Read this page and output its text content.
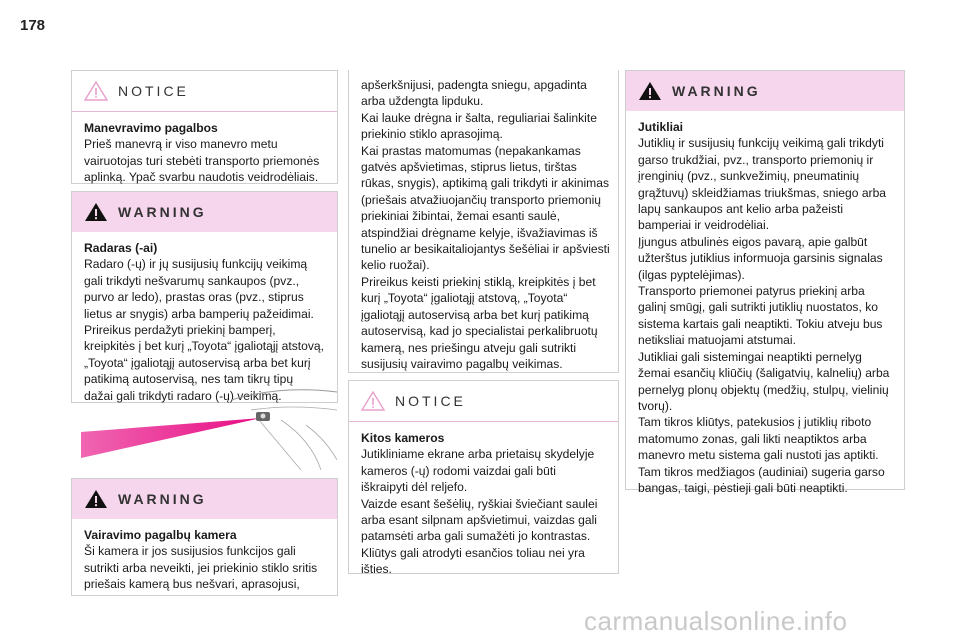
178
NOTICE

Manevravimo pagalbos

Prieš manevrą ir viso manevro metu vairuotojas turi stebėti transporto priemonės aplinką. Ypač svarbu naudotis veidrodėliais.

WARNING

Radaras (-ai)

Radaro (-ų) ir jų susijusių funkcijų veikimą gali trikdyti nešvarumų sankaupos (pvz., purvo ar ledo), prastas oras (pvz., stiprus lietus ar snygis) arba bamperių pažeidimai.

Prireikus perdažyti priekinį bamperį, kreipkitės į bet kurį „Toyota“ įgaliotąjį atstovą, „Toyota“ įgaliotąjį autoservisą arba bet kurį patikimą autoservisą, nes tam tikrų tipų dažai gali trikdyti radaro (-ų) veikimą.

WARNING

Vairavimo pagalbų kamera

Ši kamera ir jos susijusios funkcijos gali sutrikti arba neveikti, jei priekinio stiklo sritis priešais kamerą bus nešvari, aprasojusi,

apšerkšnijusi, padengta sniegu, apgadinta arba uždengta lipduku.

Kai lauke drėgna ir šalta, reguliariai šalinkite priekinio stiklo aprasojimą.

Kai prastas matomumas (nepakankamas gatvės apšvietimas, stiprus lietus, tirštas rūkas, snygis), aptikimą gali trikdyti ir akinimas (priešais atvažiuojančių transporto priemonių priekiniai žibintai, žemai esanti saulė, atspindžiai drėgname kelyje, išvažiavimas iš tunelio ar besikaitaliojantys šešėliai ir apšviesti kelio ruožai).

Prireikus keisti priekinį stiklą, kreipkitės į bet kurį „Toyota“ įgaliotąjį atstovą, „Toyota“ įgaliotąjį autoservisą arba bet kurį patikimą autoservisą, kad jo specialistai perkalibruotų kamerą, nes priešingu atveju gali sutrikti susijusių vairavimo pagalbų veikimas.

NOTICE

Kitos kameros

Jutikliniame ekrane arba prietaisų skydelyje kameros (-ų) rodomi vaizdai gali būti iškraipyti dėl reljefo.

Vaizde esant šešėlių, ryškiai šviečiant saulei arba esant silpnam apšvietimui, vaizdas gali patamsėti arba gali sumažėti jo kontrastas.

Kliūtys gali atrodyti esančios toliau nei yra išties.

WARNING

Jutikliai

Jutiklių ir susijusių funkcijų veikimą gali trikdyti garso trukdžiai, pvz., transporto priemonių ir įrenginių (pvz., sunkvežimių, pneumatinių grąžtuvų) skleidžiamas triukšmas, sniego arba lapų sankaupos ant kelio arba pažeisti bamperiai ir veidrodėliai.

Įjungus atbulinės eigos pavarą, apie galbūt užterštus jutiklius informuoja garsinis signalas (ilgas pyptelėjimas).

Transporto priemonei patyrus priekinį arba galinį smūgį, gali sutrikti jutiklių nuostatos, ko sistema kartais gali neaptikti. Tokiu atveju bus netiksliai matuojami atstumai.

Jutikliai gali sistemingai neaptikti pernelyg žemai esančių kliūčių (šaligatvių, kalnelių) arba pernelyg plonų objektų (medžių, stulpų, vielinių tvorų).

Tam tikros kliūtys, patekusios į jutiklių riboto matomumo zonas, gali likti neaptiktos arba manevro metu sistema gali nustoti jas aptikti.

Tam tikros medžiagos (audiniai) sugeria garso bangas, taigi, pėstieji gali būti neaptikti.

carmanualsonline.info
